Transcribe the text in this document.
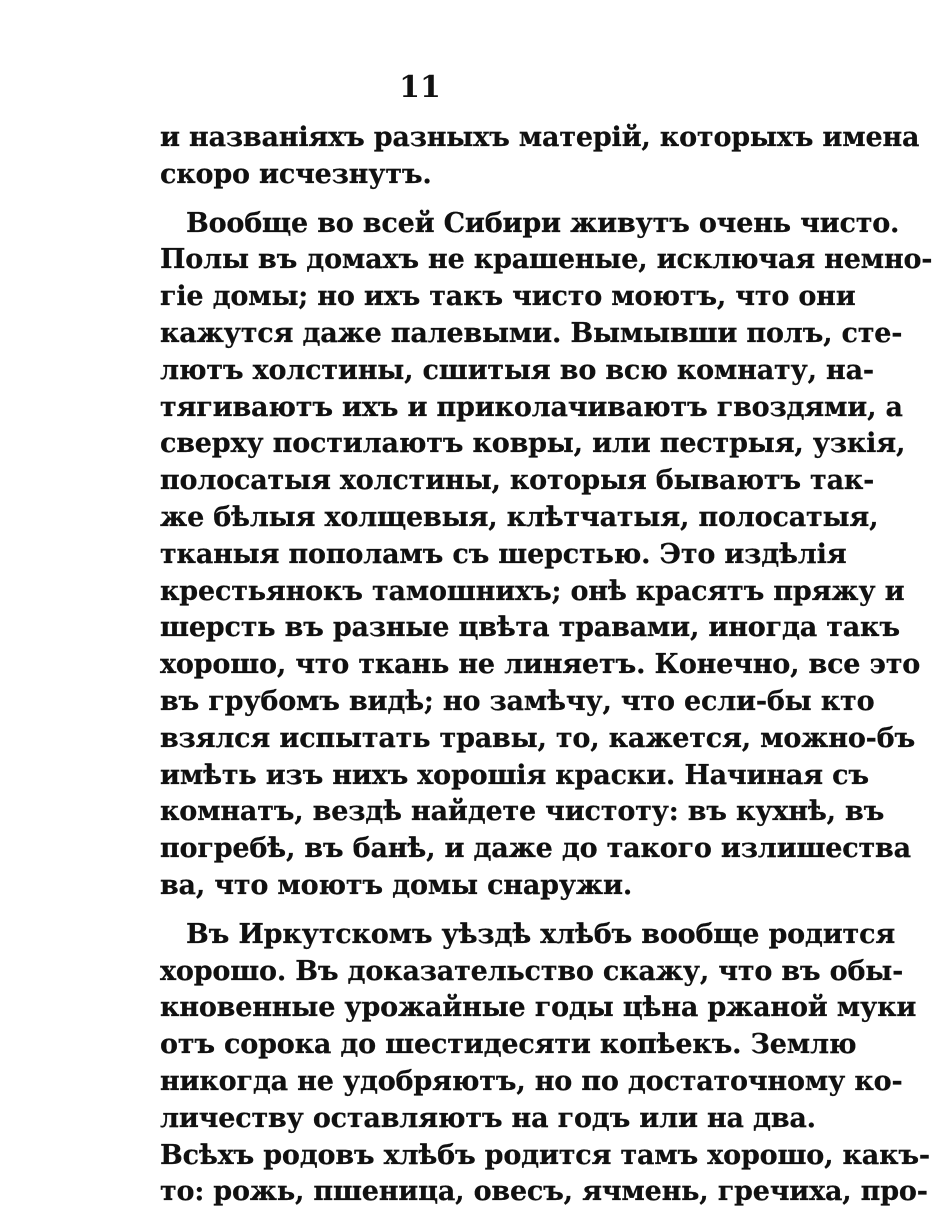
11
и названіяхъ разныхъ матерій, которыхъ имена
скоро исчезнутъ.
Вообще во всей Сибири живутъ очень чисто.
Полы въ домахъ не крашеные, исключая немно-
гіе домы; но ихъ такъ чисто моютъ, что они
кажутся даже палевыми. Вымывши полъ, сте-
лютъ холстины, сшитыя во всю комнату, на-
тягиваютъ ихъ и приколачиваютъ гвоздями, а
сверху постилаютъ ковры, или пестрыя, узкія,
полосатыя холстины, которыя бываютъ так-
же бѣлыя холщевыя, клѣтчатыя, полосатыя,
тканыя пополамъ съ шерстью. Это издѣлія
крестьянокъ тамошнихъ; онѣ красятъ пряжу и
шерсть въ разные цвѣта травами, иногда такъ
хорошо, что ткань не линяетъ. Конечно, все это
въ грубомъ видѣ; но замѣчу, что если-бы кто
взялся испытать травы, то, кажется, можно-бъ
имѣть изъ нихъ хорошія краски. Начиная съ
комнатъ, вездѣ найдете чистоту: въ кухнѣ, въ
погребѣ, въ банѣ, и даже до такого излишества
ва, что моютъ домы снаружи.
Въ Иркутскомъ уѣздѣ хлѣбъ вообще родится
хорошо. Въ доказательство скажу, что въ обы-
кновенные урожайные годы цѣна ржаной муки
отъ сорока до шестидесяти копѣекъ. Землю
никогда не удобряютъ, но по достаточному ко-
личеству оставляютъ на годъ или на два.
Всѣхъ родовъ хлѣбъ родится тамъ хорошо, какъ-
то: рожь, пшеница, овесъ, ячмень, гречиха, про-
